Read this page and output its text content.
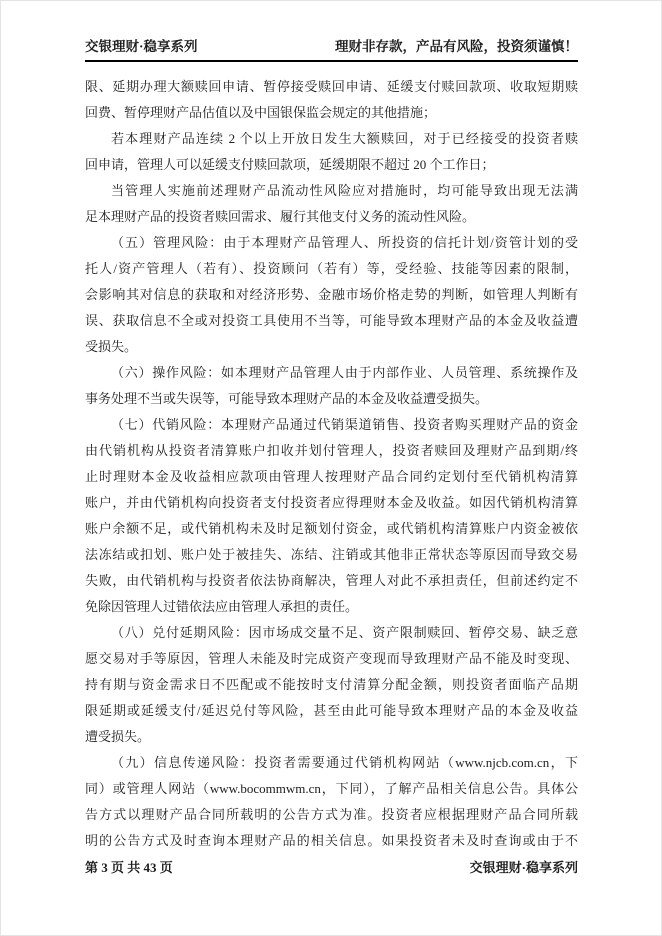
交银理财·稳享系列	理财非存款，产品有风险，投资须谨慎！
限、延期办理大额赎回申请、暂停接受赎回申请、延缓支付赎回款项、收取短期赎
回费、暂停理财产品估值以及中国银保监会规定的其他措施；
若本理财产品连续 2 个以上开放日发生大额赎回，对于已经接受的投资者赎
回申请，管理人可以延缓支付赎回款项，延缓期限不超过 20 个工作日；
当管理人实施前述理财产品流动性风险应对措施时，均可能导致出现无法满
足本理财产品的投资者赎回需求、履行其他支付义务的流动性风险。
（五）管理风险：由于本理财产品管理人、所投资的信托计划/资管计划的受
托人/资产管理人（若有）、投资顾问（若有）等，受经验、技能等因素的限制，
会影响其对信息的获取和对经济形势、金融市场价格走势的判断，如管理人判断有
误、获取信息不全或对投资工具使用不当等，可能导致本理财产品的本金及收益遭
受损失。
（六）操作风险：如本理财产品管理人由于内部作业、人员管理、系统操作及
事务处理不当或失误等，可能导致本理财产品的本金及收益遭受损失。
（七）代销风险：本理财产品通过代销渠道销售、投资者购买理财产品的资金
由代销机构从投资者清算账户扣收并划付管理人，投资者赎回及理财产品到期/终
止时理财本金及收益相应款项由管理人按理财产品合同约定划付至代销机构清算
账户，并由代销机构向投资者支付投资者应得理财本金及收益。如因代销机构清算
账户余额不足，或代销机构未及时足额划付资金，或代销机构清算账户内资金被依
法冻结或扣划、账户处于被挂失、冻结、注销或其他非正常状态等原因而导致交易
失败，由代销机构与投资者依法协商解决，管理人对此不承担责任，但前述约定不
免除因管理人过错依法应由管理人承担的责任。
（八）兑付延期风险：因市场成交量不足、资产限制赎回、暂停交易、缺乏意
愿交易对手等原因，管理人未能及时完成资产变现而导致理财产品不能及时变现、
持有期与资金需求日不匹配或不能按时支付清算分配金额，则投资者面临产品期
限延期或延缓支付/延迟兑付等风险，甚至由此可能导致本理财产品的本金及收益
遭受损失。
（九）信息传递风险：投资者需要通过代销机构网站（www.njcb.com.cn，下
同）或管理人网站（www.bocommwm.cn，下同），了解产品相关信息公告。具体公
告方式以理财产品合同所载明的公告方式为准。投资者应根据理财产品合同所载
明的公告方式及时查询本理财产品的相关信息。如果投资者未及时查询或由于不
第 3 页 共 43 页	交银理财·稳享系列
